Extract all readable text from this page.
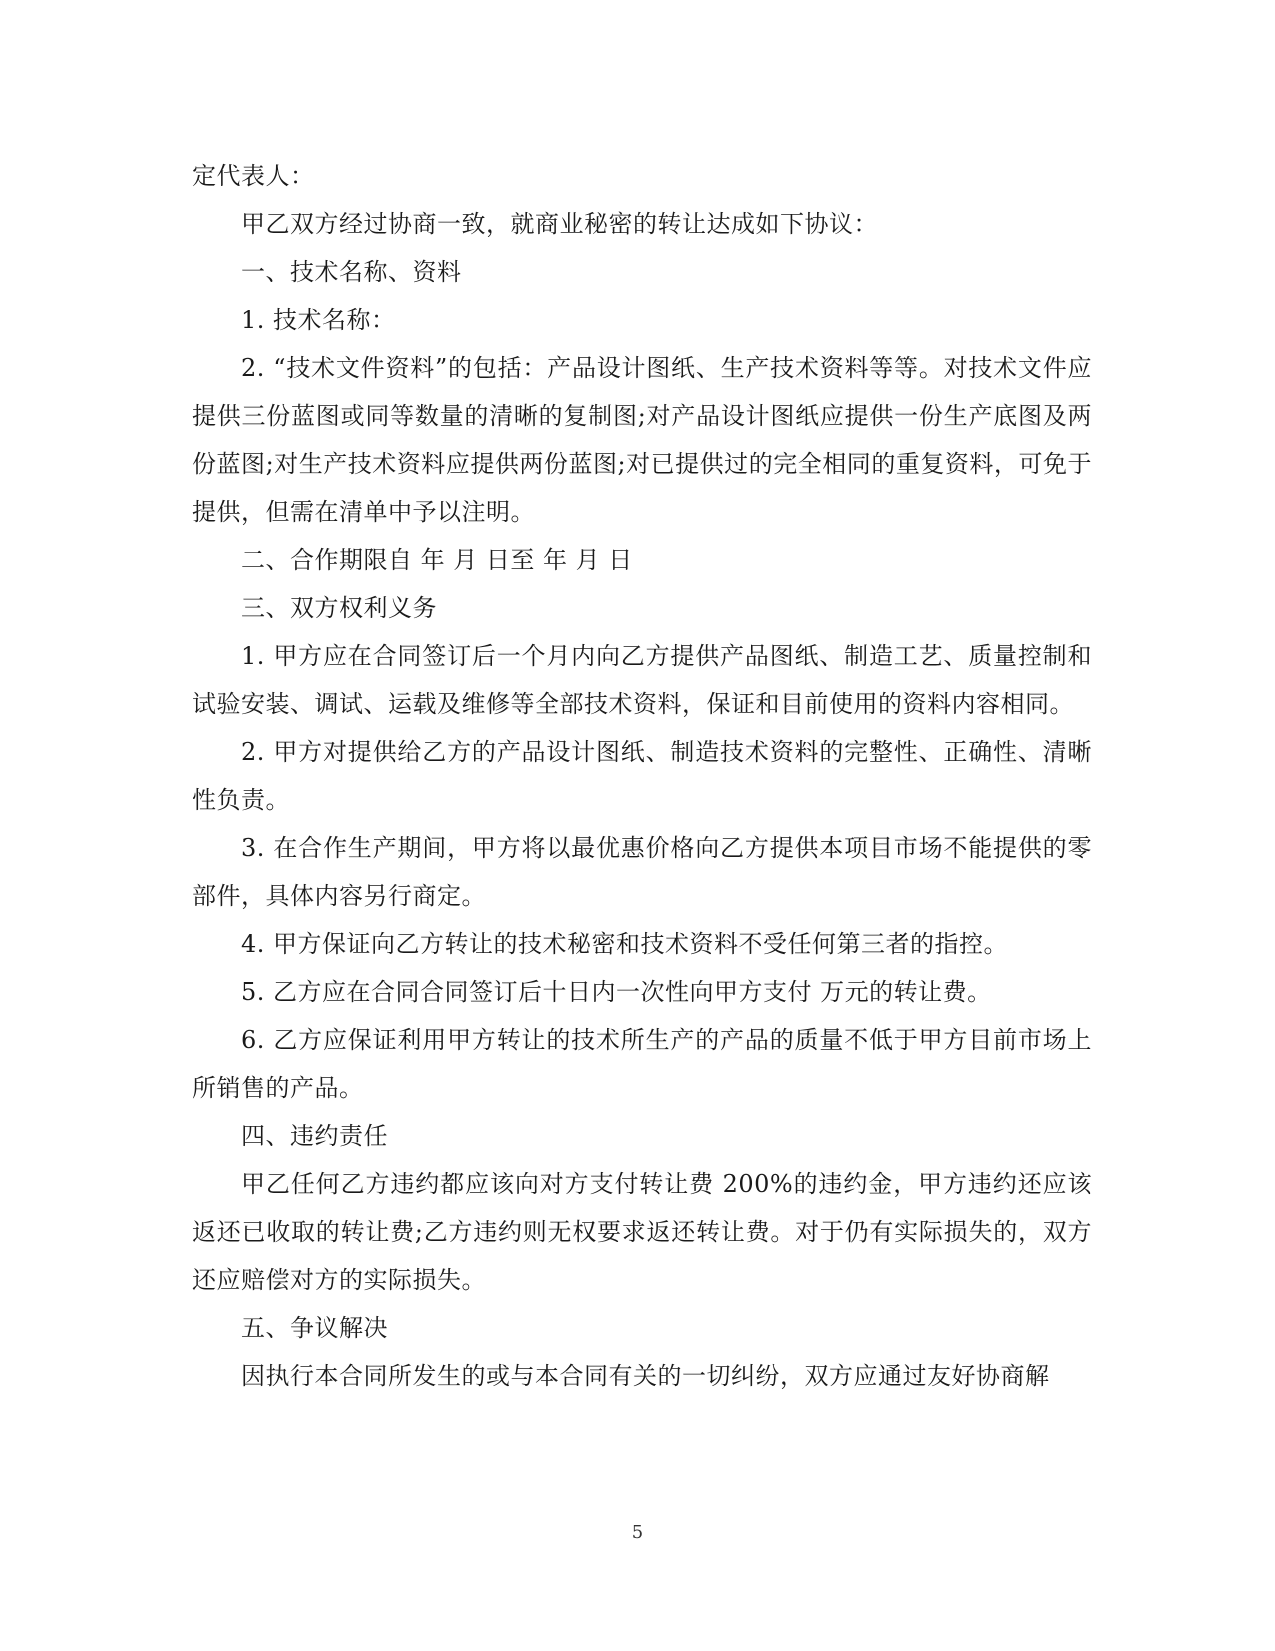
定代表人：

甲乙双方经过协商一致，就商业秘密的转让达成如下协议：

一、技术名称、资料

1. 技术名称：

2. “技术文件资料”的包括：产品设计图纸、生产技术资料等等。对技术文件应提供三份蓝图或同等数量的清晰的复制图;对产品设计图纸应提供一份生产底图及两份蓝图;对生产技术资料应提供两份蓝图;对已提供过的完全相同的重复资料，可免于提供，但需在清单中予以注明。

二、合作期限自 年 月 日至 年 月 日

三、双方权利义务

1. 甲方应在合同签订后一个月内向乙方提供产品图纸、制造工艺、质量控制和试验安装、调试、运载及维修等全部技术资料，保证和目前使用的资料内容相同。

2. 甲方对提供给乙方的产品设计图纸、制造技术资料的完整性、正确性、清晰性负责。

3. 在合作生产期间，甲方将以最优惠价格向乙方提供本项目市场不能提供的零部件，具体内容另行商定。

4. 甲方保证向乙方转让的技术秘密和技术资料不受任何第三者的指控。

5. 乙方应在合同合同签订后十日内一次性向甲方支付 万元的转让费。

6. 乙方应保证利用甲方转让的技术所生产的产品的质量不低于甲方目前市场上所销售的产品。

四、违约责任

甲乙任何乙方违约都应该向对方支付转让费 200%的违约金，甲方违约还应该返还已收取的转让费;乙方违约则无权要求返还转让费。对于仍有实际损失的，双方还应赔偿对方的实际损失。

五、争议解决

因执行本合同所发生的或与本合同有关的一切纠纷，双方应通过友好协商解

5
